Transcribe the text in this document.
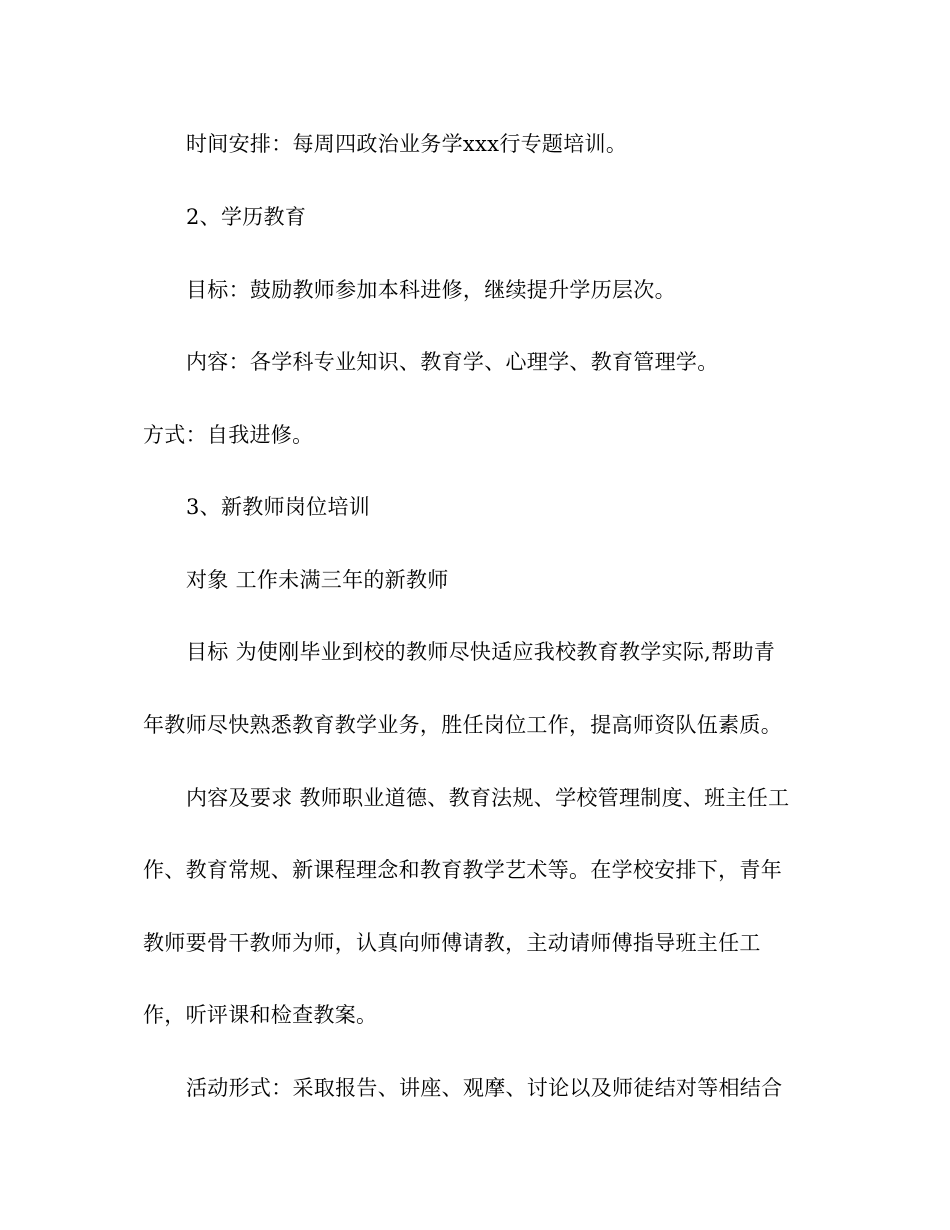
时间安排：每周四政治业务学xxx行专题培训。
2、学历教育
目标：鼓励教师参加本科进修，继续提升学历层次。
内容：各学科专业知识、教育学、心理学、教育管理学。
方式：自我进修。
3、新教师岗位培训
对象 工作未满三年的新教师
目标 为使刚毕业到校的教师尽快适应我校教育教学实际,帮助青
年教师尽快熟悉教育教学业务，胜任岗位工作，提高师资队伍素质。
内容及要求 教师职业道德、教育法规、学校管理制度、班主任工
作、教育常规、新课程理念和教育教学艺术等。在学校安排下，青年
教师要骨干教师为师，认真向师傅请教，主动请师傅指导班主任工
作，听评课和检查教案。
活动形式：采取报告、讲座、观摩、讨论以及师徒结对等相结合
